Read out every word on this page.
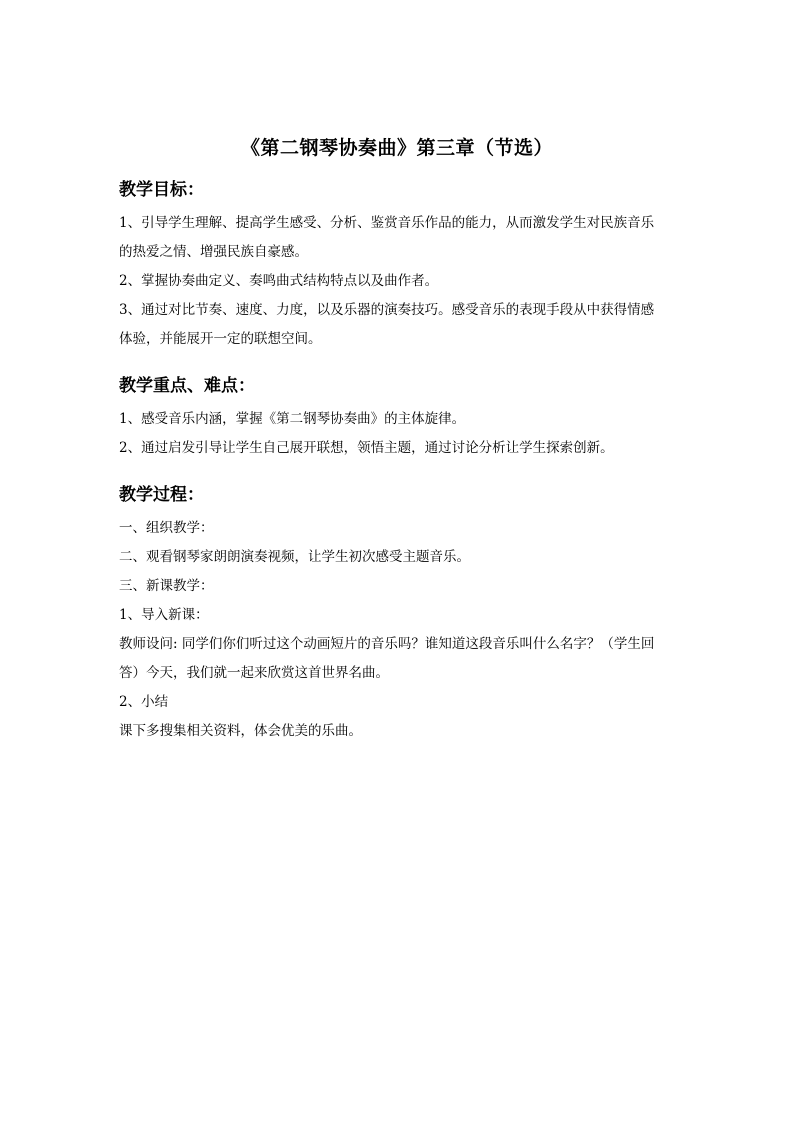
《第二钢琴协奏曲》第三章（节选）
教学目标：

1、引导学生理解、提高学生感受、分析、鉴赏音乐作品的能力，从而激发学生对民族音乐

的热爱之情、增强民族自豪感。

2、掌握协奏曲定义、奏鸣曲式结构特点以及曲作者。

3、通过对比节奏、速度、力度，以及乐器的演奏技巧。感受音乐的表现手段从中获得情感

体验，并能展开一定的联想空间。

教学重点、难点：

1、感受音乐内涵，掌握《第二钢琴协奏曲》的主体旋律。

2、通过启发引导让学生自己展开联想，领悟主题，通过讨论分析让学生探索创新。

教学过程：

一、组织教学：

二、观看钢琴家朗朗演奏视频，让学生初次感受主题音乐。

三、新课教学：

1、导入新课：

教师设问: 同学们你们听过这个动画短片的音乐吗？谁知道这段音乐叫什么名字？（学生回

答）今天，我们就一起来欣赏这首世界名曲。

2、小结

课下多搜集相关资料，体会优美的乐曲。
